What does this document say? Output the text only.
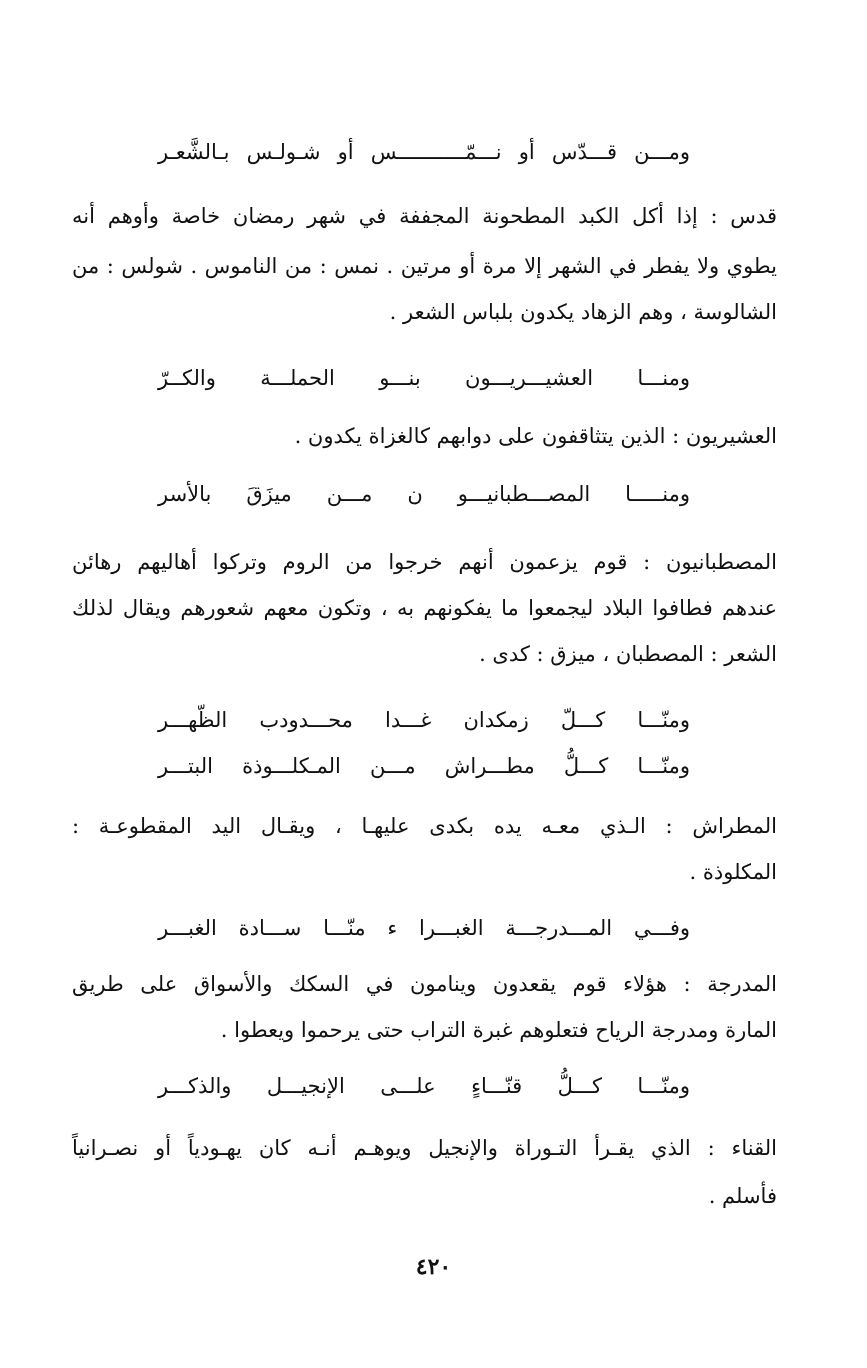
ومـــن
قـــدّس
أو
نـــمّـــــــــــس
أو
شـولـس
بـالشَّعـر
قدس : إذا أكل الكبد المطحونة المجففة في شهر رمضان خاصة وأوهم أنه
يطوي ولا يفطر في الشهر إلا مرة أو مرتين . نمس : من الناموس . شولس : من
الشالوسة ، وهم الزهاد يكدون بلباس الشعر .
ومنـــا
العشيـــريـــون
بنـــو
الحملـــة
والكــرّ
العشيريون : الذين يتثاقفون على دوابهم كالغزاة يكدون .
ومنـــــا
المصـــطبانيـــو
ن
مـــن
ميزَقَ
بالأسر
المصطبانيون : قوم يزعمون أنهم خرجوا من الروم وتركوا أهاليهم رهائن
عندهم فطافوا البلاد ليجمعوا ما يفكونهم به ، وتكون معهم شعورهم ويقال لذلك
الشعر : المصطبان ، ميزق : كدى .
ومنّـــا
كـــلّ
زمكدان
غـــدا
محـــدودب
الظّهـــر
ومنّـــا
كـــلُّ
مطـــراش
مـــن
المـكلـــوذة
البتـــر
المطراش : الـذي معـه يده بكدى عليهـا ، ويقـال اليد المقطوعـة :
المكلوذة .
وفـــي
المـــدرجـــة
الغبـــرا
ء
منّـــا
ســـادة
الغبـــر
المدرجة : هؤلاء قوم يقعدون وينامون في السكك والأسواق على طريق
المارة ومدرجة الرياح فتعلوهم غبرة التراب حتى يرحموا ويعطوا .
ومنّـــا
كـــلُّ
قنّـــاءٍ
علـــى
الإنجيـــل
والذكـــر
القناء : الذي يقـرأ التـوراة والإنجيل ويوهـم أنـه كان يهـودياً أو نصـرانياً
فأسلم .
٤٢٠
